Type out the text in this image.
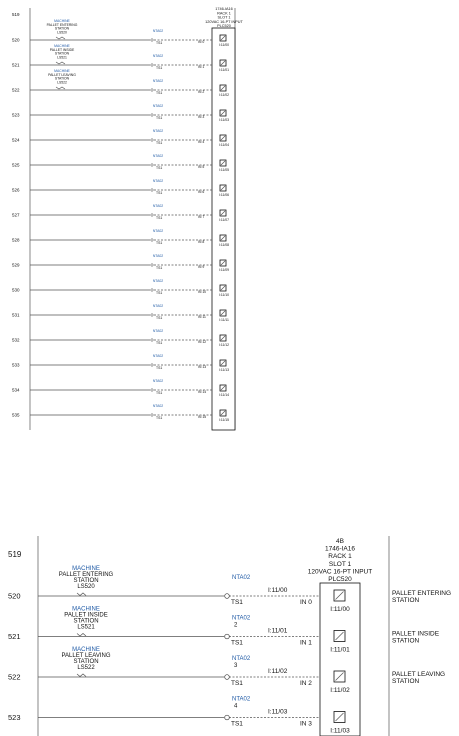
519
1746-IA16
RACK 1
SLOT 1
120VAC 16-PT INPUT
PLC520
520
MACHINE
PALLET ENTERING
STATION
LS520	NTA02
TS1	IN 0
I:11/00
521
MACHINE
PALLET INSIDE
STATION
LS521	NTA02
TS1	IN 1
I:11/01
522
MACHINE
PALLET LEAVING
STATION
LS522	NTA02
TS1	IN 2
I:11/02
523
NTA02
TS1	IN 3
I:11/03
524
NTA02
TS1	IN 4
I:11/04
525
NTA02
TS1	IN 5
I:11/05
526
NTA02
TS1	IN 6
I:11/06
527
NTA02
TS1	IN 7
I:11/07
528
NTA02
TS1	IN 8
I:11/08
529
NTA02
TS1	IN 9
I:11/09
530
NTA02
TS1	IN 10
I:11/10
531
NTA02
TS1	IN 11
I:11/11
532
NTA02
TS1	IN 12
I:11/12
533
NTA02
TS1	IN 13
I:11/13
534
NTA02
TS1	IN 14
I:11/14
535
NTA02
TS1	IN 15
I:11/15
519
4B
1746-IA16
RACK 1
SLOT 1
120VAC 16-PT INPUT
PLC520
520
MACHINE
PALLET ENTERING
STATION
LS520
NTA02
TS1
I:11/00
IN 0
I:11/00
PALLET ENTERING
STATION
521
MACHINE
PALLET INSIDE
STATION
LS521
NTA02
2
TS1
I:11/01
IN 1
I:11/01
PALLET INSIDE
STATION
522
MACHINE
PALLET LEAVING
STATION
LS522
NTA02
3
TS1
I:11/02
IN 2
I:11/02
PALLET LEAVING
STATION
523
NTA02
4
TS1
I:11/03
IN 3
I:11/03
